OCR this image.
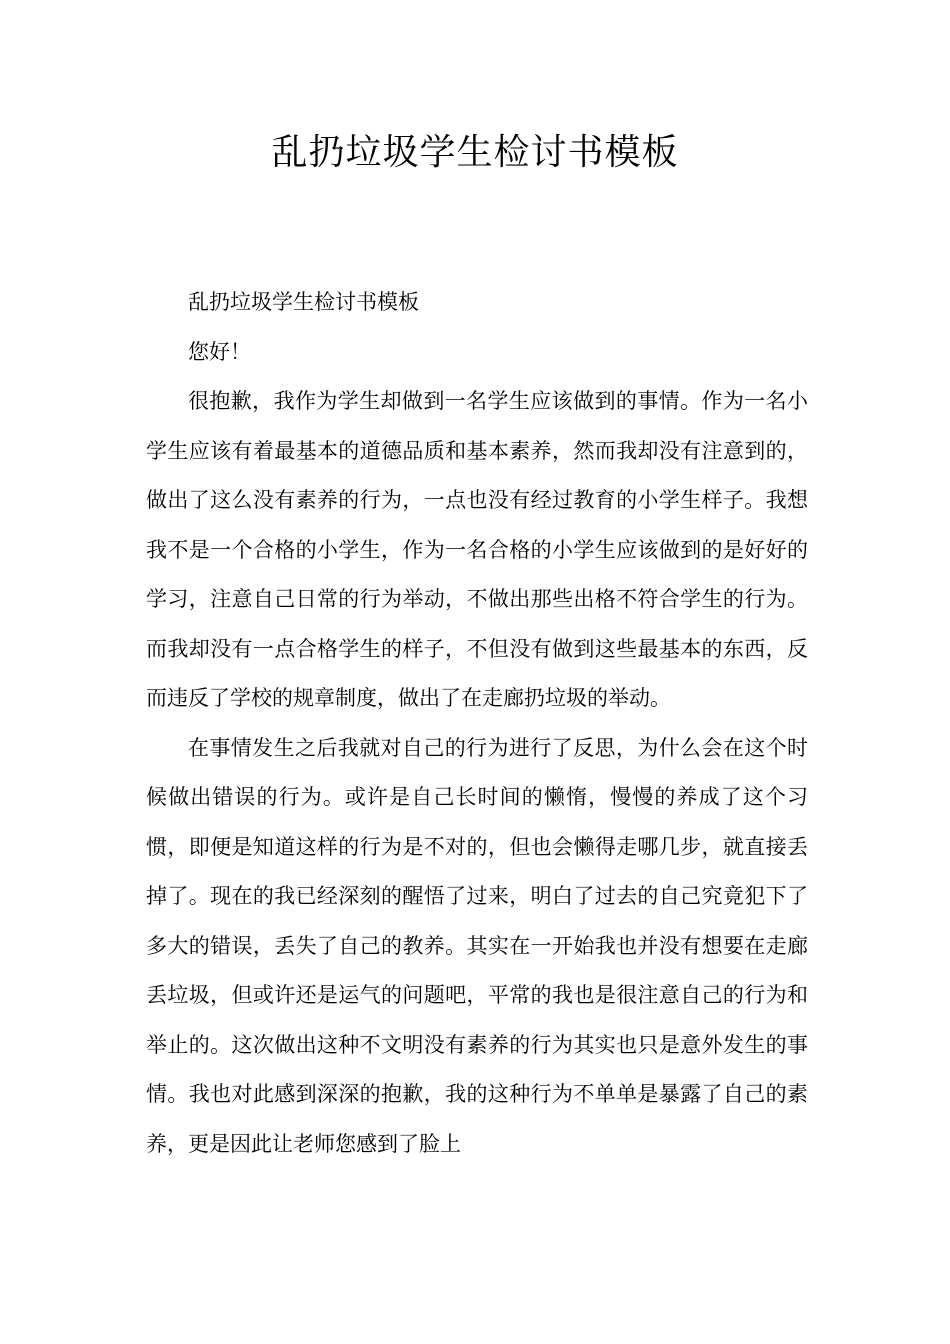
乱扔垃圾学生检讨书模板

乱扔垃圾学生检讨书模板

您好！

很抱歉，我作为学生却做到一名学生应该做到的事情。作为一名小学生应该有着最基本的道德品质和基本素养，然而我却没有注意到的，做出了这么没有素养的行为，一点也没有经过教育的小学生样子。我想我不是一个合格的小学生，作为一名合格的小学生应该做到的是好好的学习，注意自己日常的行为举动，不做出那些出格不符合学生的行为。而我却没有一点合格学生的样子，不但没有做到这些最基本的东西，反而违反了学校的规章制度，做出了在走廊扔垃圾的举动。

在事情发生之后我就对自己的行为进行了反思，为什么会在这个时候做出错误的行为。或许是自己长时间的懒惰，慢慢的养成了这个习惯，即便是知道这样的行为是不对的，但也会懒得走哪几步，就直接丢掉了。现在的我已经深刻的醒悟了过来，明白了过去的自己究竟犯下了多大的错误，丢失了自己的教养。其实在一开始我也并没有想要在走廊丢垃圾，但或许还是运气的问题吧，平常的我也是很注意自己的行为和举止的。这次做出这种不文明没有素养的行为其实也只是意外发生的事情。我也对此感到深深的抱歉，我的这种行为不单单是暴露了自己的素养，更是因此让老师您感到了脸上
